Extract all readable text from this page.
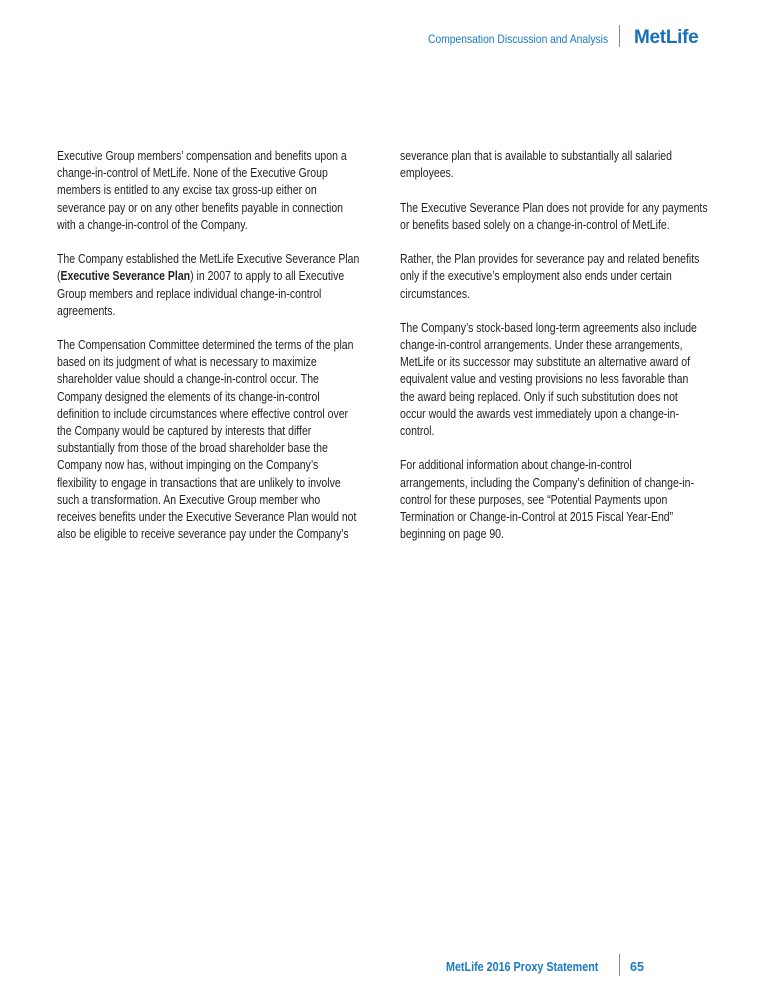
Compensation Discussion and Analysis MetLife
Executive Group members’ compensation and benefits upon a
change-in-control of MetLife. None of the Executive Group
members is entitled to any excise tax gross-up either on
severance pay or on any other benefits payable in connection
with a change-in-control of the Company.
The Company established the MetLife Executive Severance Plan
(Executive Severance Plan) in 2007 to apply to all Executive
Group members and replace individual change-in-control
agreements.
The Compensation Committee determined the terms of the plan
based on its judgment of what is necessary to maximize
shareholder value should a change-in-control occur. The
Company designed the elements of its change-in-control
definition to include circumstances where effective control over
the Company would be captured by interests that differ
substantially from those of the broad shareholder base the
Company now has, without impinging on the Company’s
flexibility to engage in transactions that are unlikely to involve
such a transformation. An Executive Group member who
receives benefits under the Executive Severance Plan would not
also be eligible to receive severance pay under the Company’s
severance plan that is available to substantially all salaried
employees.
The Executive Severance Plan does not provide for any payments
or benefits based solely on a change-in-control of MetLife.
Rather, the Plan provides for severance pay and related benefits
only if the executive’s employment also ends under certain
circumstances.
The Company’s stock-based long-term agreements also include
change-in-control arrangements. Under these arrangements,
MetLife or its successor may substitute an alternative award of
equivalent value and vesting provisions no less favorable than
the award being replaced. Only if such substitution does not
occur would the awards vest immediately upon a change-in-
control.
For additional information about change-in-control
arrangements, including the Company’s definition of change-in-
control for these purposes, see “Potential Payments upon
Termination or Change-in-Control at 2015 Fiscal Year-End”
beginning on page 90.
MetLife 2016 Proxy Statement	65
